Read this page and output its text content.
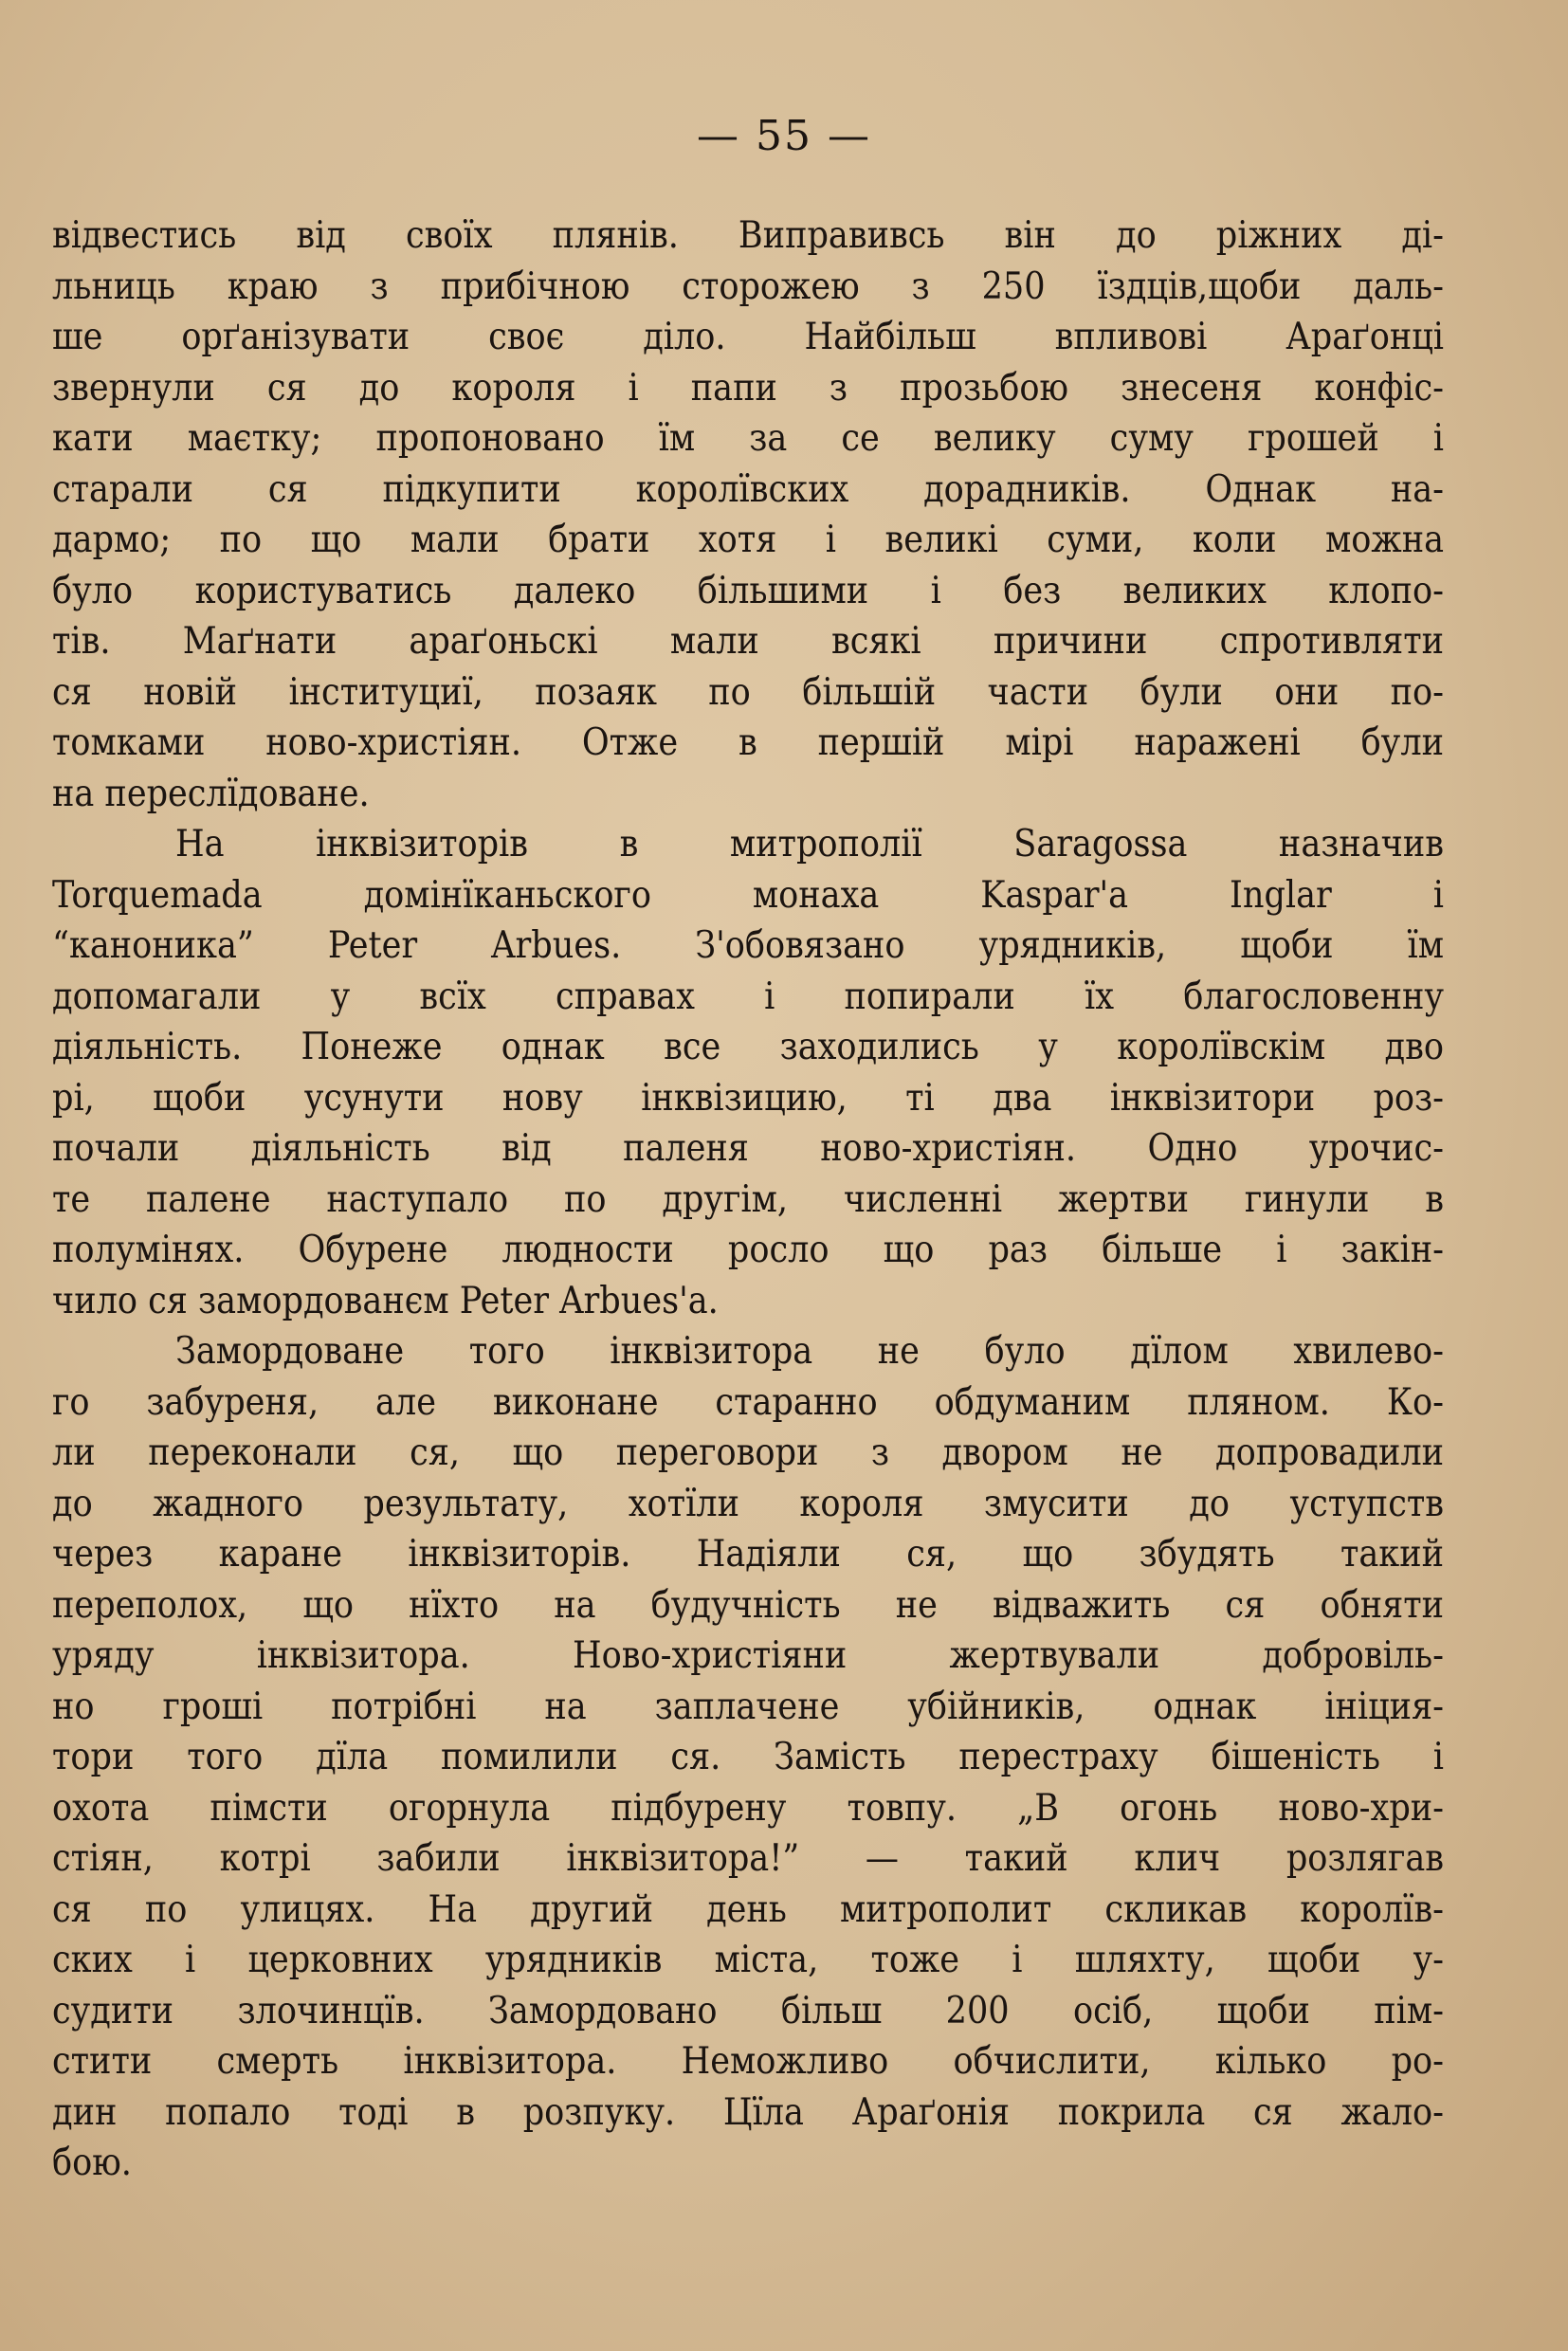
— 55 —
відвестись від своїх плянів. Виправивсь він до ріжних ді-
льниць краю з прибічною сторожею з 250 їздців,щоби даль-
ше орґанізувати своє діло. Найбільш впливові Араґонці
звернули ся до короля і папи з прозьбою знесеня конфіс-
кати маєтку; пропоновано їм за се велику суму грошей і
старали ся підкупити королївских дорадників. Однак на-
дармо; по що мали брати хотя і великі суми, коли можна
було користуватись далеко більшими і без великих клопо-
тів. Маґнати араґоньскі мали всякі причини спротивляти
ся новій інституциї, позаяк по більшій части були они по-
томками ново-христіян. Отже в першій мірі наражені були
на переслїдоване.
На інквізиторів в митрополії Saragossa назначив
Torquemada домінїканьского монаха Kaspar'a Inglar і
“каноника” Peter Arbues. З'обовязано урядників, щоби їм
допомагали у всїх справах і попирали їх благословенну
діяльність. Понеже однак все заходились у королївскім дво
рі, щоби усунути нову інквізицию, ті два інквізитори роз-
почали діяльність від паленя ново-христіян. Одно урочис-
те палене наступало по другім, численні жертви гинули в
полумінях. Обурене людности росло що раз більше і закін-
чило ся замордованєм Peter Arbues'a.
Замордоване того інквізитора не було дїлом хвилево-
го забуреня, але виконане старанно обдуманим пляном. Ко-
ли переконали ся, що переговори з двором не допровадили
до жадного результату, хотїли короля змусити до уступств
через каране інквізиторів. Надіяли ся, що збудять такий
переполох, що нїхто на будучність не відважить ся обняти
уряду інквізитора. Ново-христіяни жертвували добровіль-
но гроші потрібні на заплачене убійників, однак ініция-
тори того дїла помилили ся. Замість перестраху бішеність і
охота пімсти огорнула підбурену товпу. „В огонь ново-хри-
стіян, котрі забили інквізитора!” — такий клич розлягав
ся по улицях. На другий день митрополит скликав королїв-
ских і церковних урядників міста, тоже і шляхту, щоби у-
судити злочинцїв. Замордовано більш 200 осіб, щоби пім-
стити смерть інквізитора. Неможливо обчислити, кілько ро-
дин попало тоді в розпуку. Цїла Араґонія покрила ся жало-
бою.
